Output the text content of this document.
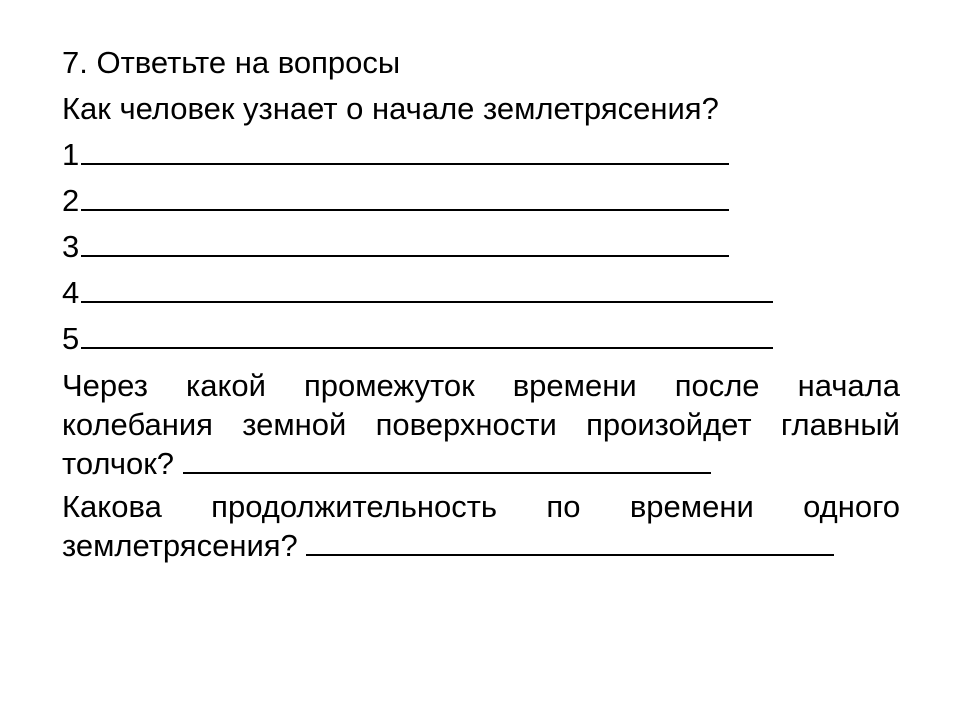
7. Ответьте на вопросы
Как человек узнает о начале землетрясения?
1
2
3
4
5
Через какой промежуток времени после начала колебания земной поверхности произойдет главный толчок?
Какова продолжительность по времени одного землетрясения?
